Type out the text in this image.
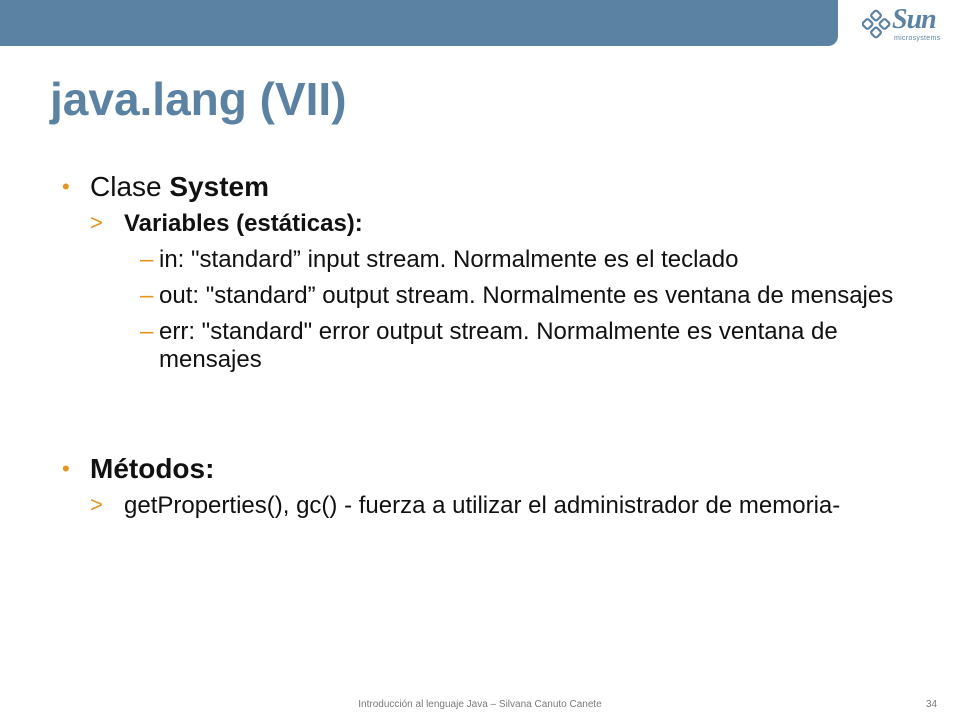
Sun
microsystems
java.lang (VII)
• Clase System
> Variables (estáticas):
– in: "standard” input stream. Normalmente es el teclado
– out: "standard” output stream. Normalmente es ventana de mensajes
– err: "standard" error output stream. Normalmente es ventana de mensajes
• Métodos:
> getProperties(), gc() - fuerza a utilizar el administrador de memoria-
Introducción al lenguaje Java – Silvana Canuto Canete	34
